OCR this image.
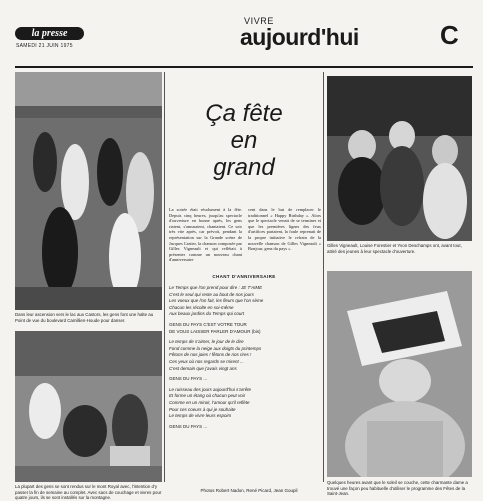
la presse
SAMEDI 21 JUIN 1975
VIVRE
aujourd'hui	C

Dans leur ascension vers le lac aux Castors, les gens font une halte au Point de vue du boulevard Camillien-Houde pour danser.

La plupart des gens se sont rendus sur le mont Royal avec, l'intention d'y passer la fin de semaine au complet. Avec sacs de couchage et vivres pour quatre jours, ils se sont installés sur la montagne.

Ça fête
en
grand

La soirée était résolument à la fête. Depuis cinq heures, jusqu'au spectacle d'ouverture en bonne après, les gens riaient, s'amusaient, chantaient. Ce soir très vite après, car prévoit, pendant la représentation sur la Grande scène de Jacques Cartier, la chanson composée par Gilles Vigneault et qui reflétait à présenter comme un nouveau chant d'anniversaire

cent dans le but de remplacer le traditionnel « Happy Birthday ». Alors que le spectacle venait de se terminer et que les premières lignes des feux d'artifices partaient, la foule reprenait de la propre initiative le refrain de la nouvelle chanson de Gilles Vigneault « Bonjour, gens du pays ».

CHANT D'ANNIVERSAIRE

Le Temps que l'on prend pour dire : JE T'AIME

C'est le seul qui reste au bout de nos jours

Les voeux que l'on fait, les fleurs que l'on sème

Chacun les récolte en soi-même

Aux beaux jardins du Temps qui court

GENS DU PAYS C'EST VOTRE TOUR

DE VOUS LAISSER PARLER D'AMOUR (bis)

Le temps de s'aimer, le jour de le dire

Fond comme la neige aux doigts du printemps

Fêtons de nos joies ! fêtons de nos rires !

Ces yeux où nos regards se mirent ...

C'est demain que j'avais vingt ans

GENS DU PAYS ...

Le ruisseau des jours aujourd'hui s'arrête

Et forme un étang où chacun peut voir

Comme en un miroir, l'amour qu'il reflète

Pour ces coeurs à qui je souhaite

Le temps de vivre leurs espoirs

GENS DU PAYS ...

Gilles Vigneault, Louise Forestier et Yvon Deschamps ont, avant tout, attiré des jeunes à leur spectacle d'ouverture.

Quelques heures avant que le soleil se couche, cette charmante dame a trouvé une façon peu habituelle d'utiliser le programme des Fêtes de la Saint-Jean.

Photos Robert Nadon, René Picard, Jean Goupil
